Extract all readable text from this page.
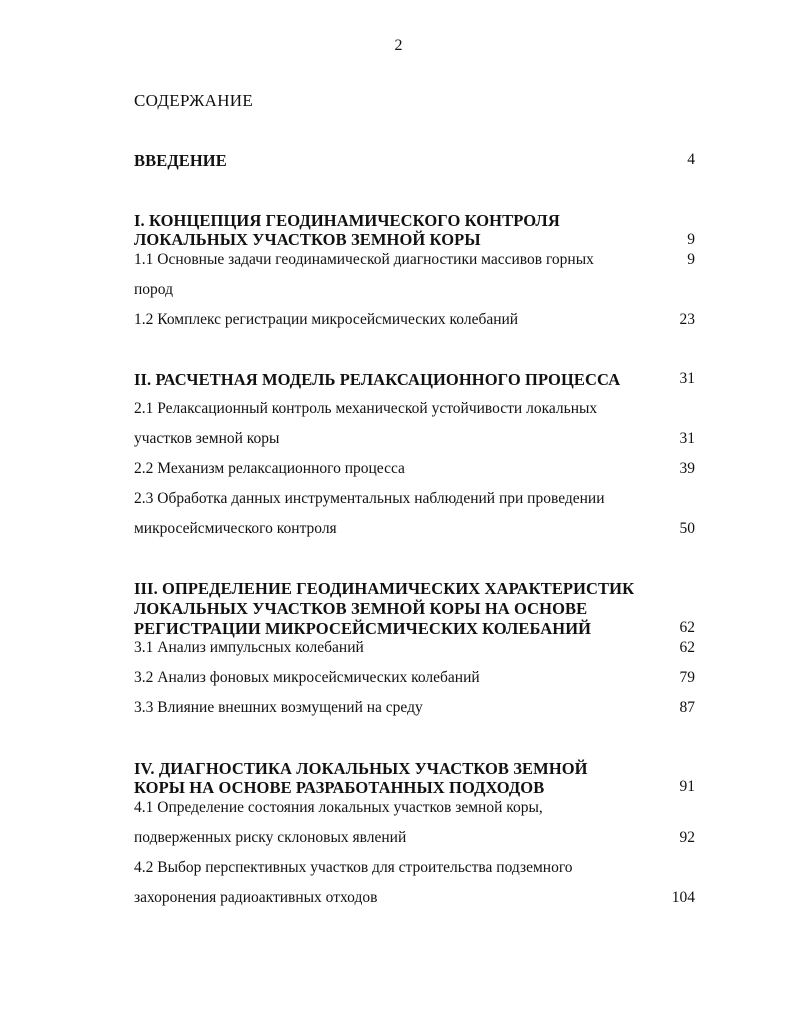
2
СОДЕРЖАНИЕ
ВВЕДЕНИЕ	4
I. КОНЦЕПЦИЯ ГЕОДИНАМИЧЕСКОГО КОНТРОЛЯ
ЛОКАЛЬНЫХ УЧАСТКОВ ЗЕМНОЙ КОРЫ	9
1.1 Основные задачи геодинамической диагностики массивов горных	9
пород
1.2 Комплекс регистрации микросейсмических колебаний	23
II. РАСЧЕТНАЯ МОДЕЛЬ РЕЛАКСАЦИОННОГО ПРОЦЕССА	31
2.1 Релаксационный контроль механической устойчивости локальных
участков земной коры	31
2.2 Механизм релаксационного процесса	39
2.3 Обработка данных инструментальных наблюдений при проведении
микросейсмического контроля	50
III. ОПРЕДЕЛЕНИЕ ГЕОДИНАМИЧЕСКИХ ХАРАКТЕРИСТИК
ЛОКАЛЬНЫХ УЧАСТКОВ ЗЕМНОЙ КОРЫ НА ОСНОВЕ
РЕГИСТРАЦИИ МИКРОСЕЙСМИЧЕСКИХ КОЛЕБАНИЙ	62
3.1 Анализ импульсных колебаний	62
3.2 Анализ фоновых микросейсмических колебаний	79
3.3 Влияние внешних возмущений на среду	87
IV. ДИАГНОСТИКА ЛОКАЛЬНЫХ УЧАСТКОВ ЗЕМНОЙ
КОРЫ НА ОСНОВЕ РАЗРАБОТАННЫХ ПОДХОДОВ	91
4.1 Определение состояния локальных участков земной коры,
подверженных риску склоновых явлений	92
4.2 Выбор перспективных участков для строительства подземного
захоронения радиоактивных отходов	104
